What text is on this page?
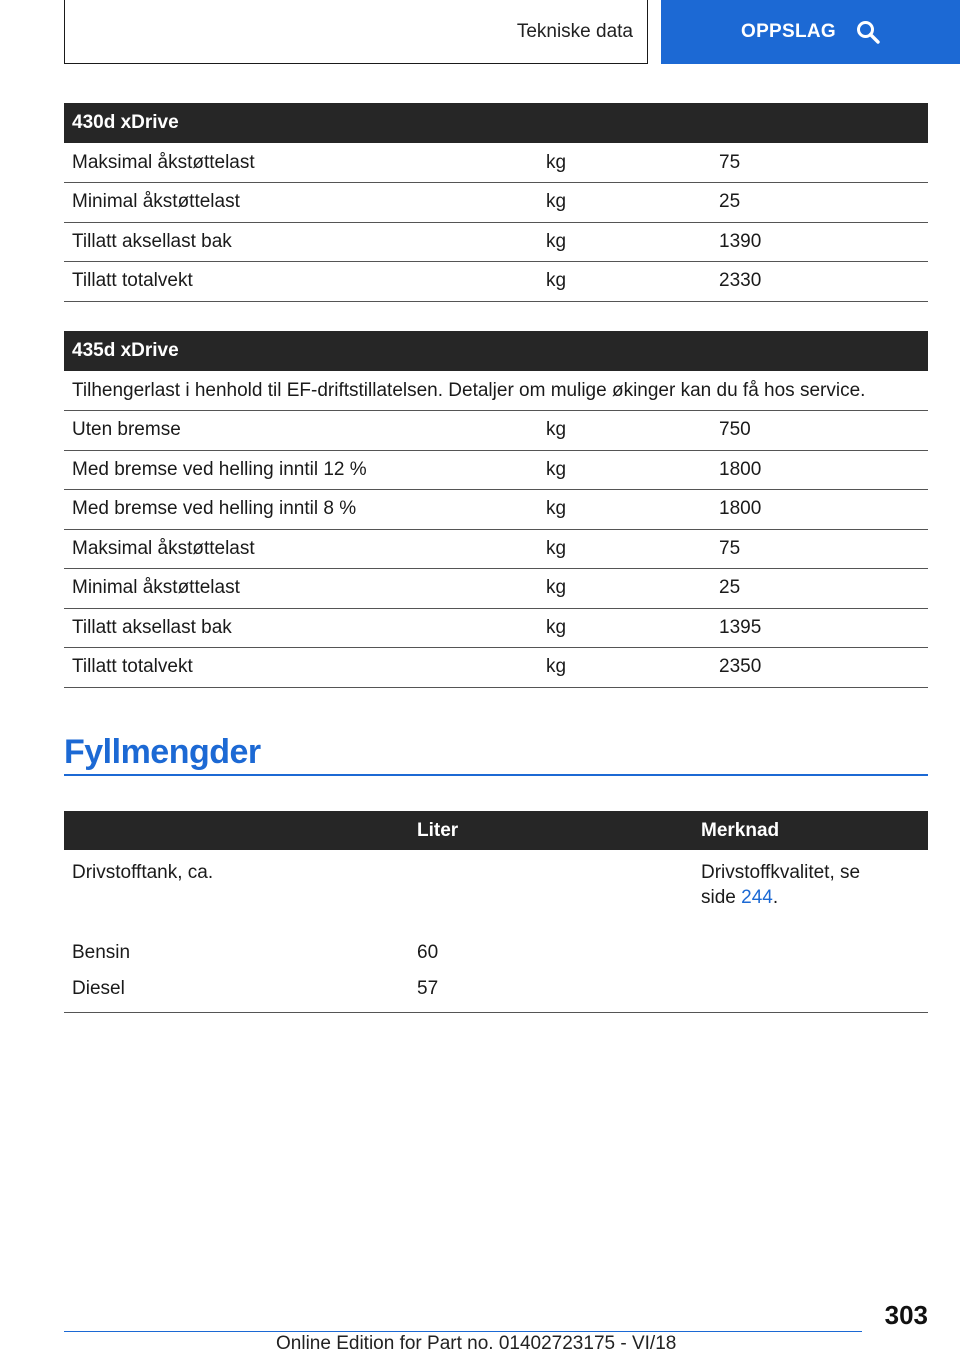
Tekniske data	OPPSLAG
430d xDrive		
Maksimal åkstøttelast	kg	75
Minimal åkstøttelast	kg	25
Tillatt aksellast bak	kg	1390
Tillatt totalvekt	kg	2330
435d xDrive		
Tilhengerlast i henhold til EF-driftstillatelsen. Detaljer om mulige økinger kan du få hos service.		
Uten bremse	kg	750
Med bremse ved helling inntil 12 %	kg	1800
Med bremse ved helling inntil 8 %	kg	1800
Maksimal åkstøttelast	kg	75
Minimal åkstøttelast	kg	25
Tillatt aksellast bak	kg	1395
Tillatt totalvekt	kg	2350
Fyllmengder
	Liter	Merknad
Drivstofftank, ca.		Drivstoffkvalitet, se
side 244.
Bensin	60	
Diesel	57	
303
Online Edition for Part no. 01402723175 - VI/18
